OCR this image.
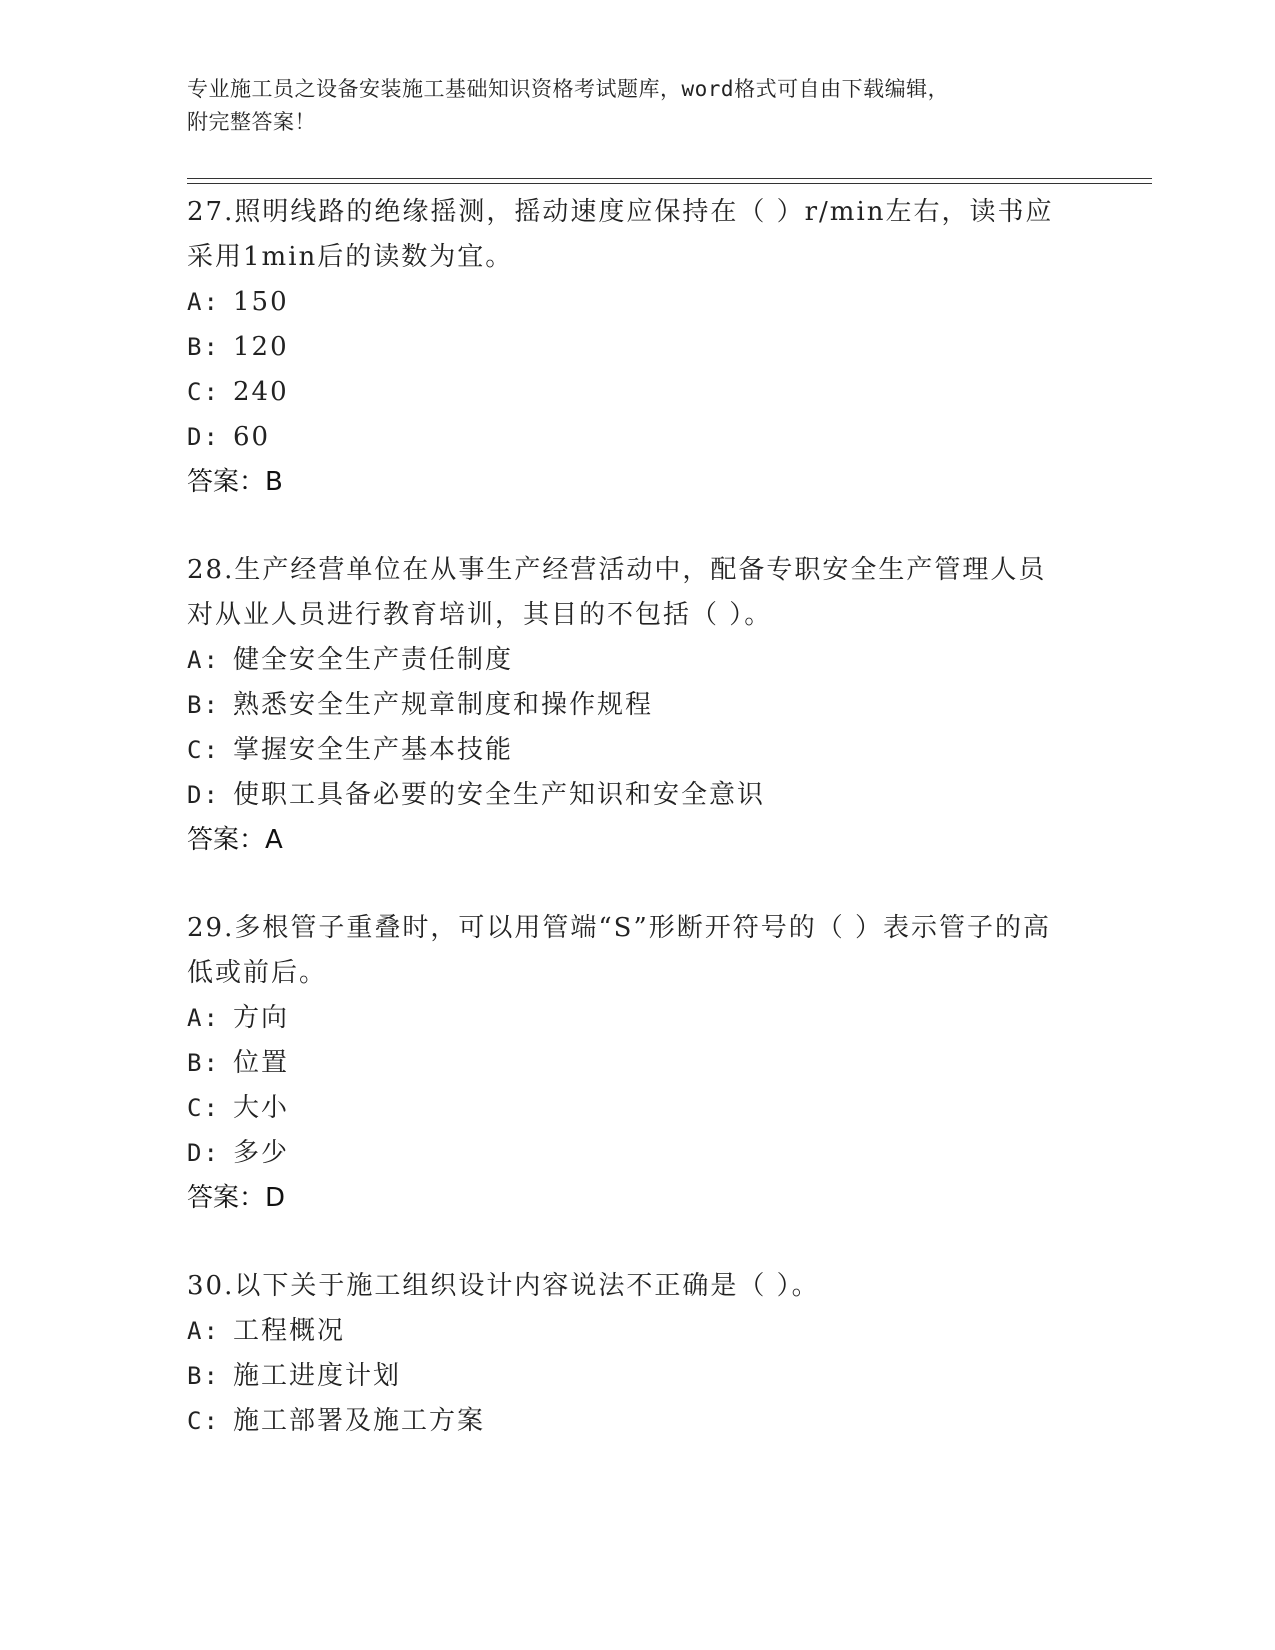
专业施工员之设备安装施工基础知识资格考试题库，word格式可自由下载编辑，
附完整答案！

27.照明线路的绝缘摇测，摇动速度应保持在（ ）r/min左右，读书应采用1min后的读数为宜。

A: 150
B: 120
C: 240
D: 60
答案：B

28.生产经营单位在从事生产经营活动中，配备专职安全生产管理人员对从业人员进行教育培训，其目的不包括（ ）。

A: 健全安全生产责任制度
B: 熟悉安全生产规章制度和操作规程
C: 掌握安全生产基本技能
D: 使职工具备必要的安全生产知识和安全意识
答案：A

29.多根管子重叠时，可以用管端“S”形断开符号的（ ）表示管子的高低或前后。

A: 方向
B: 位置
C: 大小
D: 多少
答案：D

30.以下关于施工组织设计内容说法不正确是（ ）。

A: 工程概况
B: 施工进度计划
C: 施工部署及施工方案
